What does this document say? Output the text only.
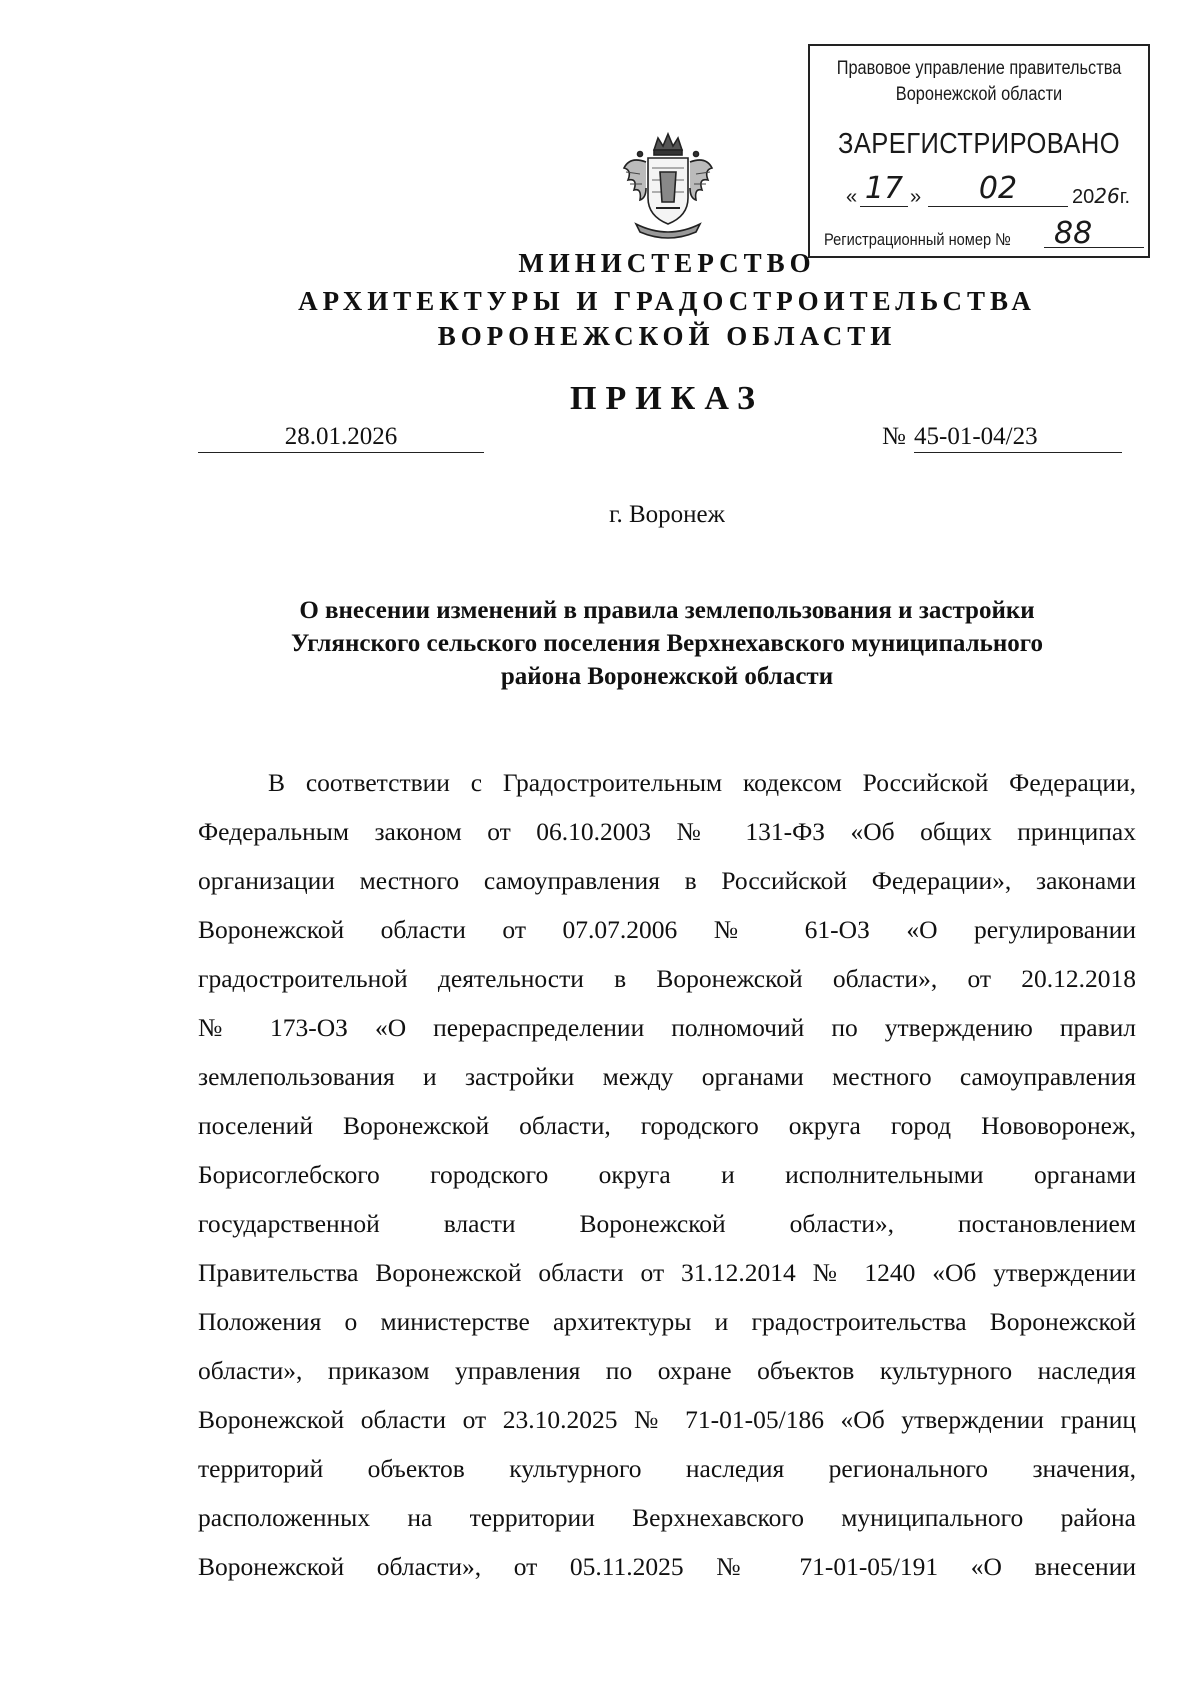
Правовое управление правительства
Воронежской области
ЗАРЕГИСТРИРОВАНО
« 17 »	02	2026г.
Регистрационный номер №	88
МИНИСТЕРСТВО
АРХИТЕКТУРЫ И ГРАДОСТРОИТЕЛЬСТВА
ВОРОНЕЖСКОЙ ОБЛАСТИ
ПРИКАЗ
28.01.2026	№ 45-01-04/23
г. Воронеж
О внесении изменений в правила землепользования и застройки
Углянского сельского поселения Верхнехавского муниципального
района Воронежской области
В соответствии с Градостроительным кодексом Российской Федерации,
Федеральным законом от 06.10.2003 № 131-ФЗ «Об общих принципах
организации местного самоуправления в Российской Федерации», законами
Воронежской области от 07.07.2006 № 61-ОЗ «О регулировании
градостроительной деятельности в Воронежской области», от 20.12.2018
№ 173-ОЗ «О перераспределении полномочий по утверждению правил
землепользования и застройки между органами местного самоуправления
поселений Воронежской области, городского округа город Нововоронеж,
Борисоглебского городского округа и исполнительными органами
государственной власти Воронежской области», постановлением
Правительства Воронежской области от 31.12.2014 № 1240 «Об утверждении
Положения о министерстве архитектуры и градостроительства Воронежской
области», приказом управления по охране объектов культурного наследия
Воронежской области от 23.10.2025 № 71-01-05/186 «Об утверждении границ
территорий объектов культурного наследия регионального значения,
расположенных на территории Верхнехавского муниципального района
Воронежской области», от 05.11.2025 № 71-01-05/191 «О внесении
